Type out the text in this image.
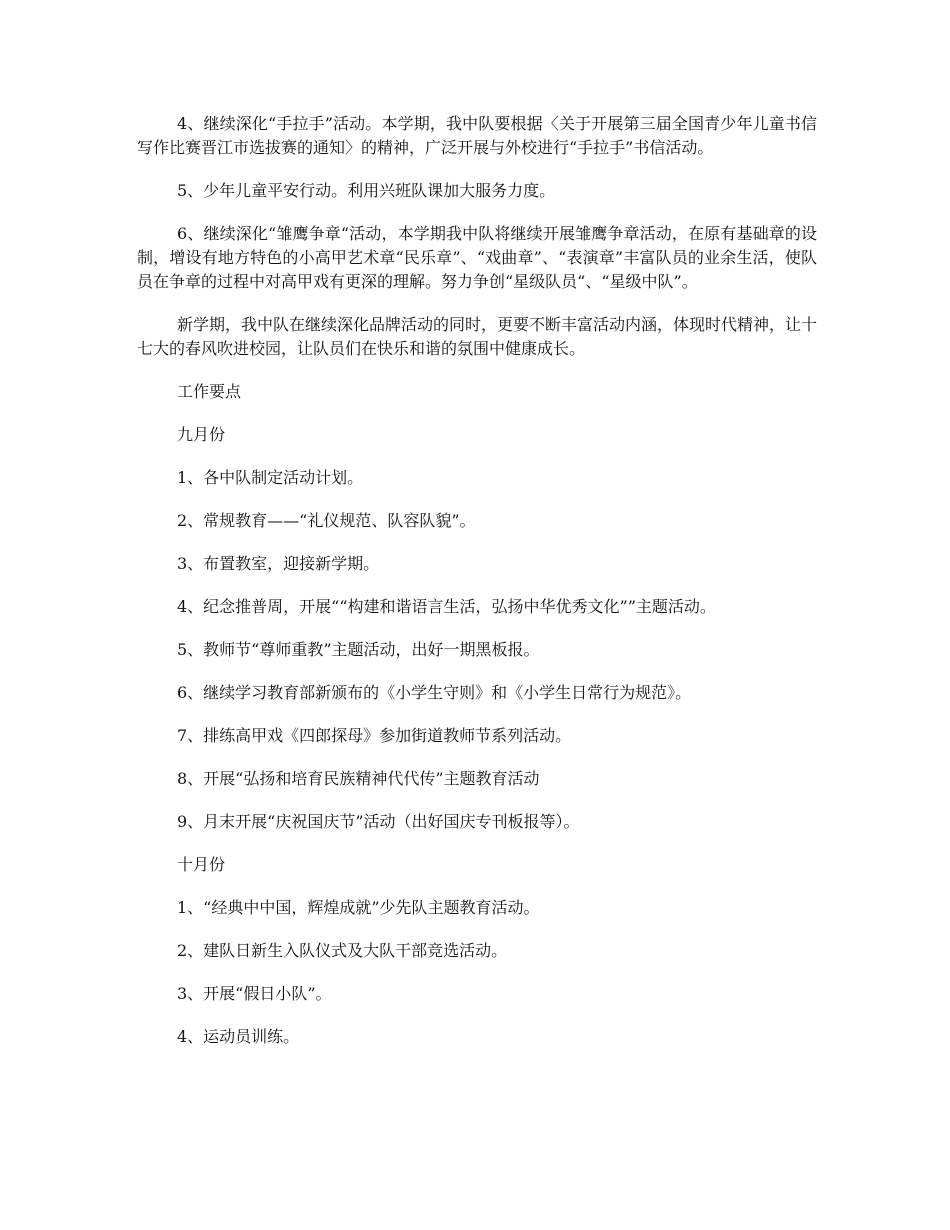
4、继续深化“手拉手”活动。本学期，我中队要根据〈关于开展第三届全国青少年儿童书信写作比赛晋江市选拔赛的通知〉的精神，广泛开展与外校进行“手拉手”书信活动。

5、少年儿童平安行动。利用兴班队课加大服务力度。

6、继续深化“雏鹰争章“活动，本学期我中队将继续开展雏鹰争章活动，在原有基础章的设制，增设有地方特色的小高甲艺术章“民乐章”、“戏曲章”、“表演章”丰富队员的业余生活，使队员在争章的过程中对高甲戏有更深的理解。努力争创“星级队员“、“星级中队”。

新学期，我中队在继续深化品牌活动的同时，更要不断丰富活动内涵，体现时代精神，让十七大的春风吹进校园，让队员们在快乐和谐的氛围中健康成长。

工作要点

九月份

1、各中队制定活动计划。

2、常规教育——“礼仪规范、队容队貌”。

3、布置教室，迎接新学期。

4、纪念推普周，开展““构建和谐语言生活，弘扬中华优秀文化””主题活动。

5、教师节“尊师重教”主题活动，出好一期黑板报。

6、继续学习教育部新颁布的《小学生守则》和《小学生日常行为规范》。

7、排练高甲戏《四郎探母》参加街道教师节系列活动。

8、开展“弘扬和培育民族精神代代传”主题教育活动

9、月末开展“庆祝国庆节”活动（出好国庆专刊板报等）。

十月份

1、“经典中中国，辉煌成就”少先队主题教育活动。

2、建队日新生入队仪式及大队干部竞选活动。

3、开展“假日小队”。

4、运动员训练。
